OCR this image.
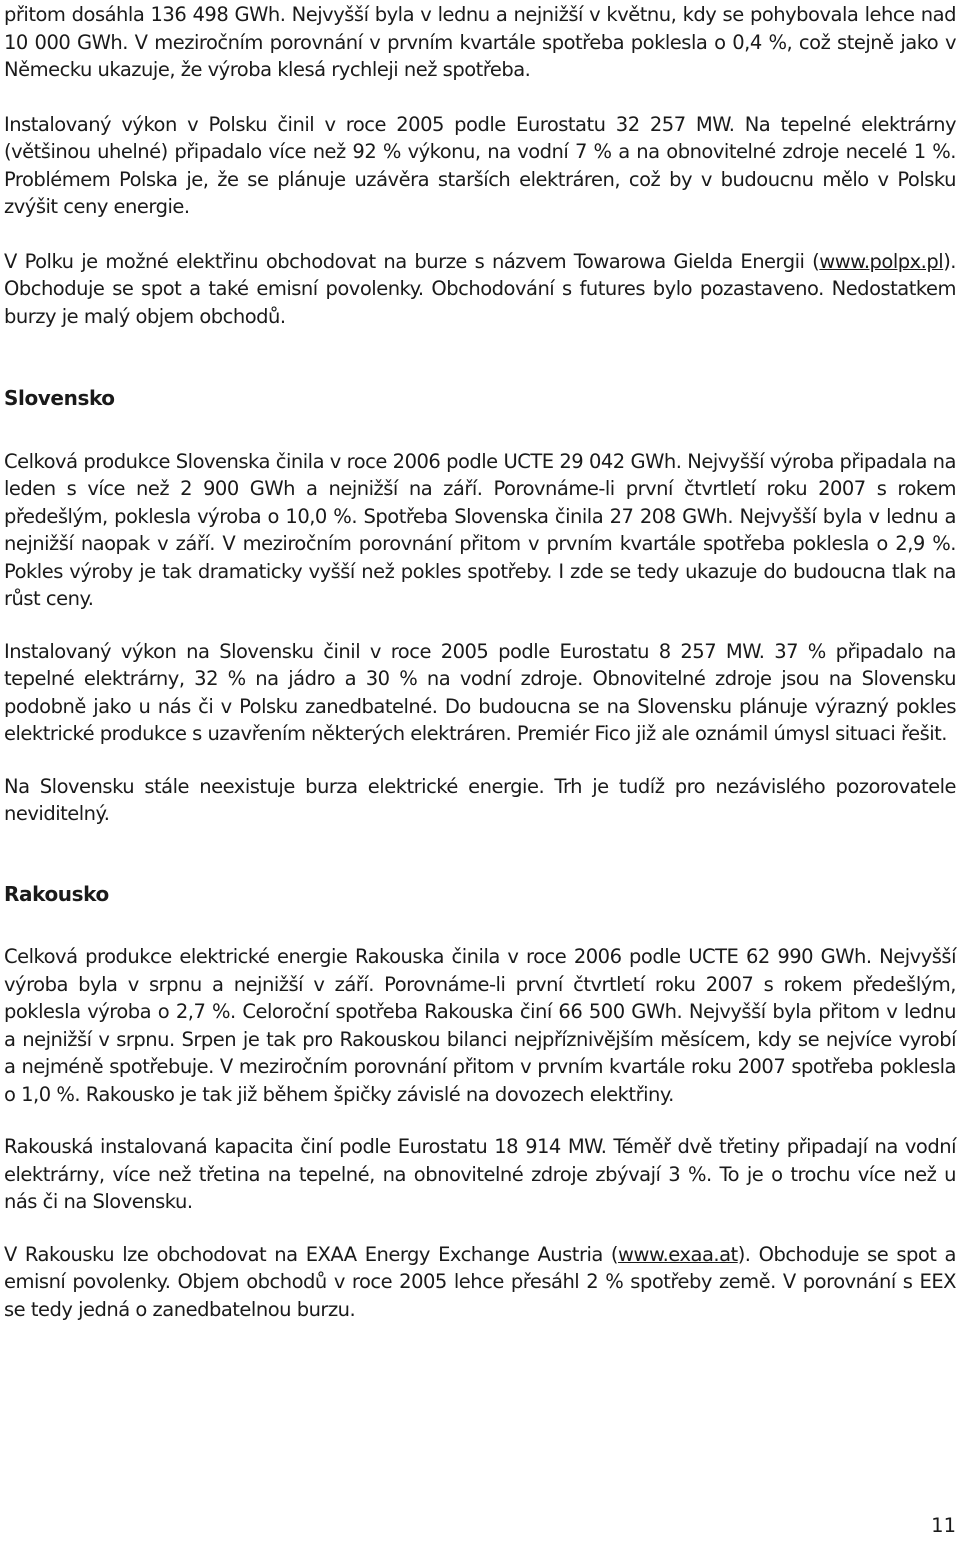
přitom dosáhla 136 498 GWh. Nejvyšší byla v lednu a nejnižší v květnu, kdy se pohybovala lehce nad 10 000 GWh. V meziročním porovnání v prvním kvartále spotřeba poklesla o 0,4 %, což stejně jako v Německu ukazuje, že výroba klesá rychleji než spotřeba.

Instalovaný výkon v Polsku činil v roce 2005 podle Eurostatu 32 257 MW. Na tepelné elektrárny (většinou uhelné) připadalo více než 92 % výkonu, na vodní 7 % a na obnovitelné zdroje necelé 1 %. Problémem Polska je, že se plánuje uzávěra starších elektráren, což by v budoucnu mělo v Polsku zvýšit ceny energie.

V Polku je možné elektřinu obchodovat na burze s názvem Towarowa Gielda Energii (www.polpx.pl). Obchoduje se spot a také emisní povolenky. Obchodování s futures bylo pozastaveno. Nedostatkem burzy je malý objem obchodů.

Slovensko

Celková produkce Slovenska činila v roce 2006 podle UCTE 29 042 GWh. Nejvyšší výroba připadala na leden s více než 2 900 GWh a nejnižší na září. Porovnáme-li první čtvrtletí roku 2007 s rokem předešlým, poklesla výroba o 10,0 %. Spotřeba Slovenska činila 27 208 GWh. Nejvyšší byla v lednu a nejnižší naopak v září. V meziročním porovnání přitom v prvním kvartále spotřeba poklesla o 2,9 %. Pokles výroby je tak dramaticky vyšší než pokles spotřeby. I zde se tedy ukazuje do budoucna tlak na růst ceny.

Instalovaný výkon na Slovensku činil v roce 2005 podle Eurostatu 8 257 MW. 37 % připadalo na tepelné elektrárny, 32 % na jádro a 30 % na vodní zdroje. Obnovitelné zdroje jsou na Slovensku podobně jako u nás či v Polsku zanedbatelné. Do budoucna se na Slovensku plánuje výrazný pokles elektrické produkce s uzavřením některých elektráren. Premiér Fico již ale oznámil úmysl situaci řešit.

Na Slovensku stále neexistuje burza elektrické energie. Trh je tudíž pro nezávislého pozorovatele neviditelný.

Rakousko

Celková produkce elektrické energie Rakouska činila v roce 2006 podle UCTE 62 990 GWh. Nejvyšší výroba byla v srpnu a nejnižší v září. Porovnáme-li první čtvrtletí roku 2007 s rokem předešlým, poklesla výroba o 2,7 %. Celoroční spotřeba Rakouska činí 66 500 GWh. Nejvyšší byla přitom v lednu a nejnižší v srpnu. Srpen je tak pro Rakouskou bilanci nejpříznivějším měsícem, kdy se nejvíce vyrobí a nejméně spotřebuje. V meziročním porovnání přitom v prvním kvartále roku 2007 spotřeba poklesla o 1,0 %. Rakousko je tak již během špičky závislé na dovozech elektřiny.

Rakouská instalovaná kapacita činí podle Eurostatu 18 914 MW. Téměř dvě třetiny připadají na vodní elektrárny, více než třetina na tepelné, na obnovitelné zdroje zbývají 3 %. To je o trochu více než u nás či na Slovensku.

V Rakousku lze obchodovat na EXAA Energy Exchange Austria (www.exaa.at). Obchoduje se spot a emisní povolenky. Objem obchodů v roce 2005 lehce přesáhl 2 % spotřeby země. V porovnání s EEX se tedy jedná o zanedbatelnou burzu.

11
